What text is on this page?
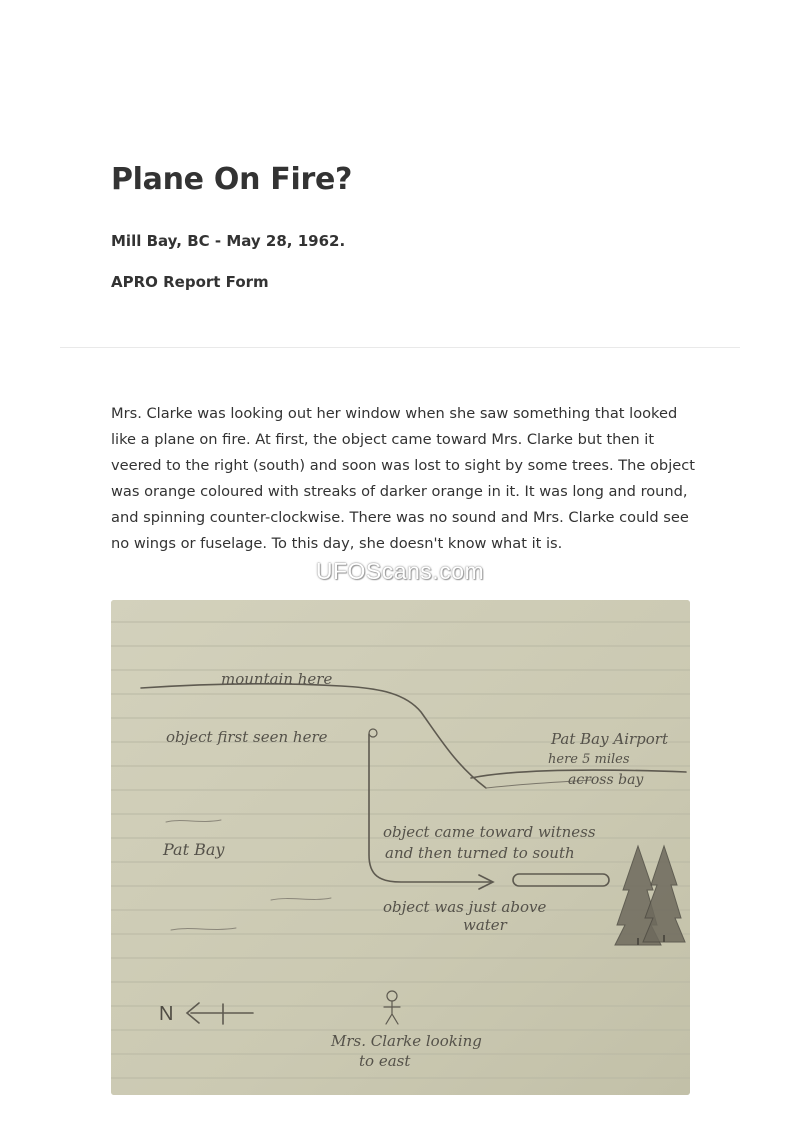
Plane On Fire?

Mill Bay, BC - May 28, 1962.

APRO Report Form

Mrs. Clarke was looking out her window when she saw something that looked like a plane on fire. At first, the object came toward Mrs. Clarke but then it veered to the right (south) and soon was lost to sight by some trees. The object was orange coloured with streaks of darker orange in it. It was long and round, and spinning counter-clockwise. There was no sound and Mrs. Clarke could see no wings or fuselage. To this day, she doesn't know what it is.

UFOScans.com
mountain here
object first seen here	Pat Bay Airport
here 5 miles
across bay
Pat Bay
object came toward witness
and then turned to south
object was just above
water
N
Mrs. Clarke looking
to east
